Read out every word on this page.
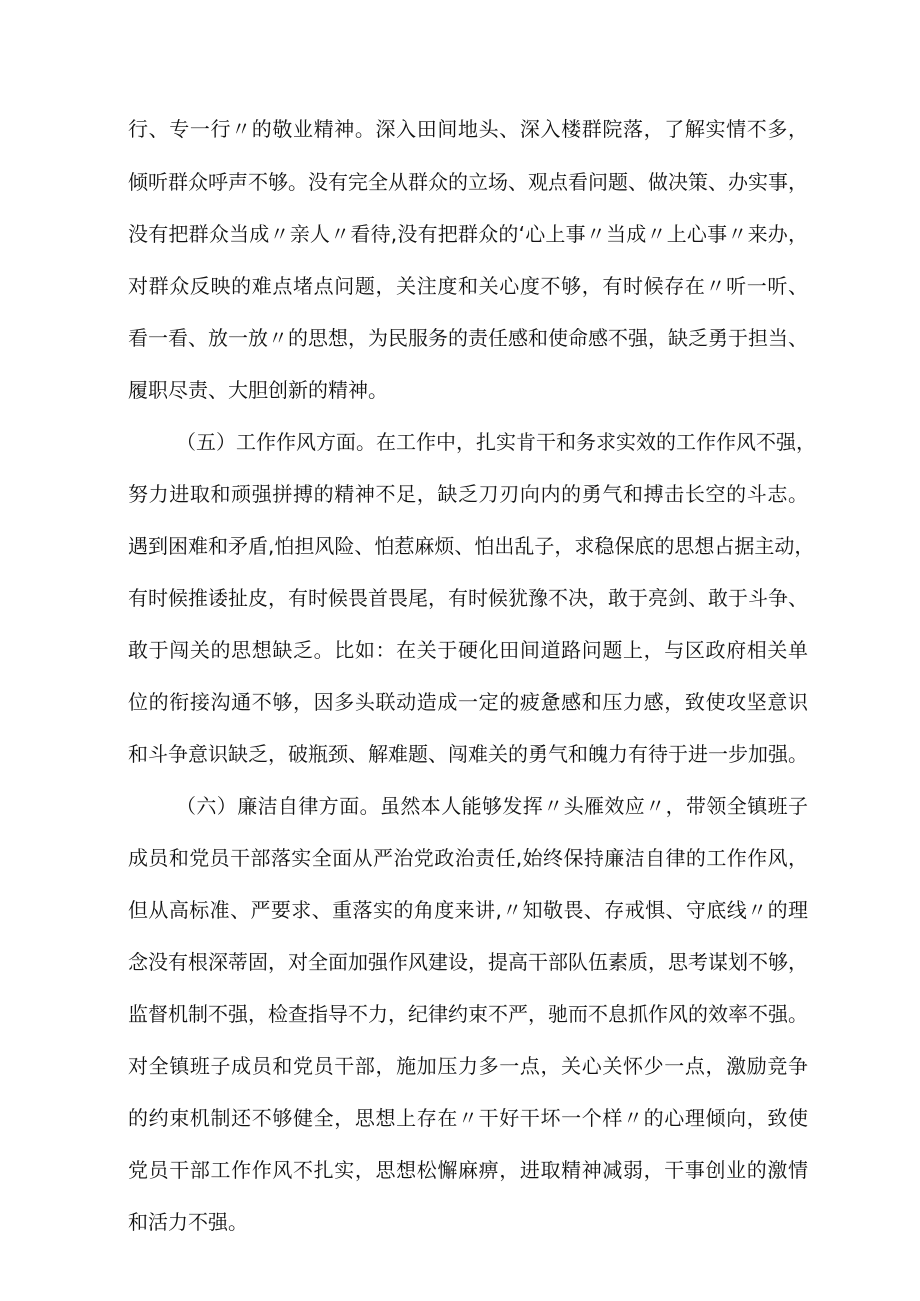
行、专一行〃的敬业精神。深入田间地头、深入楼群院落，了解实情不多，
倾听群众呼声不够。没有完全从群众的立场、观点看问题、做决策、办实事，
没有把群众当成〃亲人〃看待,没有把群众的‘心上事〃当成〃上心事〃来办，
对群众反映的难点堵点问题，关注度和关心度不够，有时候存在〃听一听、
看一看、放一放〃的思想，为民服务的责任感和使命感不强，缺乏勇于担当、
履职尽责、大胆创新的精神。
（五）工作作风方面。在工作中，扎实肯干和务求实效的工作作风不强，
努力进取和顽强拼搏的精神不足，缺乏刀刃向内的勇气和搏击长空的斗志。
遇到困难和矛盾,怕担风险、怕惹麻烦、怕出乱子，求稳保底的思想占据主动，
有时候推诿扯皮，有时候畏首畏尾，有时候犹豫不决，敢于亮剑、敢于斗争、
敢于闯关的思想缺乏。比如：在关于硬化田间道路问题上，与区政府相关单
位的衔接沟通不够，因多头联动造成一定的疲惫感和压力感，致使攻坚意识
和斗争意识缺乏，破瓶颈、解难题、闯难关的勇气和魄力有待于进一步加强。
（六）廉洁自律方面。虽然本人能够发挥〃头雁效应〃，带领全镇班子
成员和党员干部落实全面从严治党政治责任,始终保持廉洁自律的工作作风，
但从高标准、严要求、重落实的角度来讲,〃知敬畏、存戒惧、守底线〃的理
念没有根深蒂固，对全面加强作风建设，提高干部队伍素质，思考谋划不够，
监督机制不强，检查指导不力，纪律约束不严，驰而不息抓作风的效率不强。
对全镇班子成员和党员干部，施加压力多一点，关心关怀少一点，激励竞争
的约束机制还不够健全，思想上存在〃干好干坏一个样〃的心理倾向，致使
党员干部工作作风不扎实，思想松懈麻痹，进取精神减弱，干事创业的激情
和活力不强。
